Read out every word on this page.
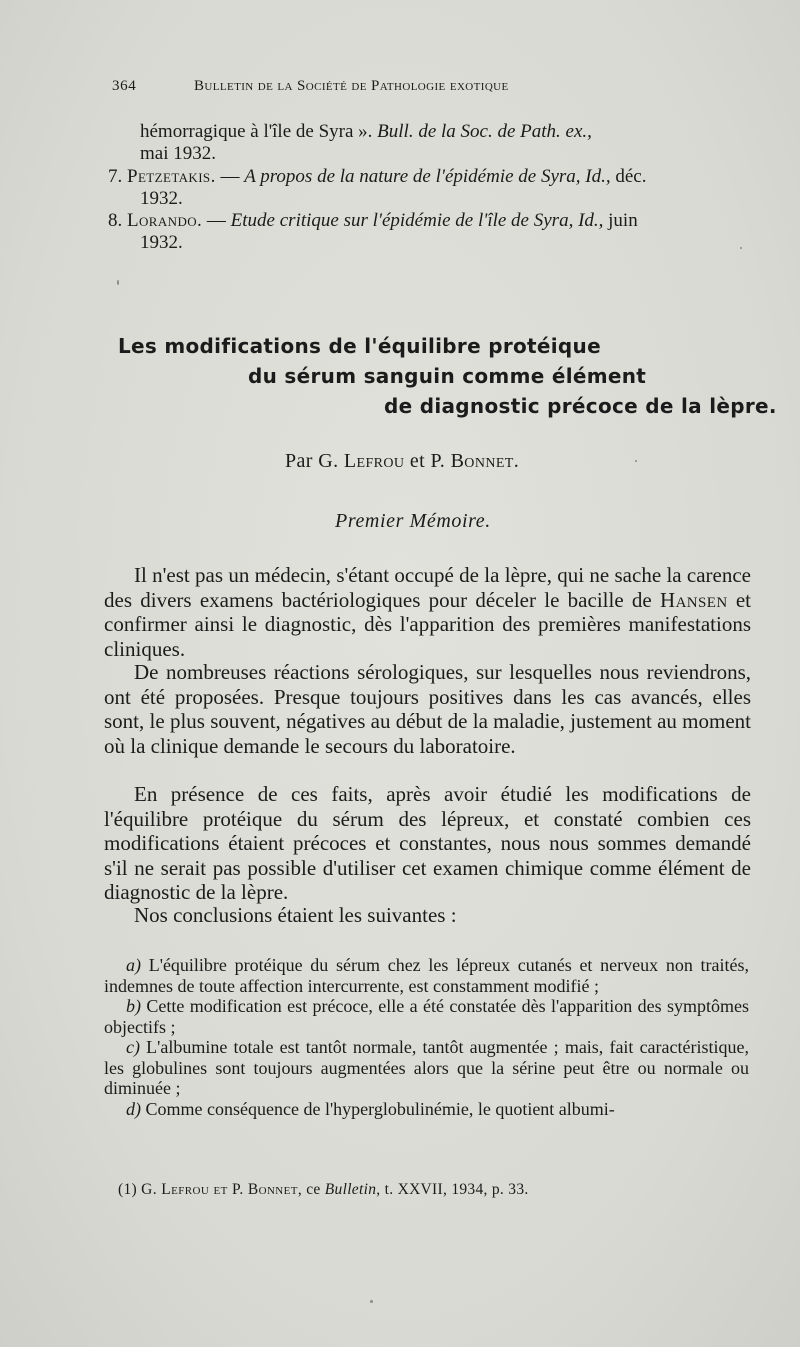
364	Bulletin de la Société de Pathologie exotique
hémorragique à l'île de Syra ». Bull. de la Soc. de Path. ex.,
mai 1932.
7. Petzetakis. — A propos de la nature de l'épidémie de Syra, Id., déc.
1932.
8. Lorando. — Etude critique sur l'épidémie de l'île de Syra, Id., juin
1932.
Les modifications de l'équilibre protéique
du sérum sanguin comme élément
de diagnostic précoce de la lèpre.
Par G. Lefrou et P. Bonnet.
Premier Mémoire.

Il n'est pas un médecin, s'étant occupé de la lèpre, qui ne sache la carence des divers examens bactériologiques pour déceler le bacille de Hansen et confirmer ainsi le diagnostic, dès l'apparition des premières manifestations cliniques.

De nombreuses réactions sérologiques, sur lesquelles nous reviendrons, ont été proposées. Presque toujours positives dans les cas avancés, elles sont, le plus souvent, négatives au début de la maladie, justement au moment où la clinique demande le secours du laboratoire.

En présence de ces faits, après avoir étudié les modifications de l'équilibre protéique du sérum des lépreux, et constaté combien ces modifications étaient précoces et constantes, nous nous sommes demandé s'il ne serait pas possible d'utiliser cet examen chimique comme élément de diagnostic de la lèpre.

Nos conclusions étaient les suivantes :

a) L'équilibre protéique du sérum chez les lépreux cutanés et nerveux non traités, indemnes de toute affection intercurrente, est constamment modifié ;

b) Cette modification est précoce, elle a été constatée dès l'apparition des symptômes objectifs ;

c) L'albumine totale est tantôt normale, tantôt augmentée ; mais, fait caractéristique, les globulines sont toujours augmentées alors que la sérine peut être ou normale ou diminuée ;

d) Comme conséquence de l'hyperglobulinémie, le quotient albumi-

(1) G. Lefrou et P. Bonnet, ce Bulletin, t. XXVII, 1934, p. 33.
